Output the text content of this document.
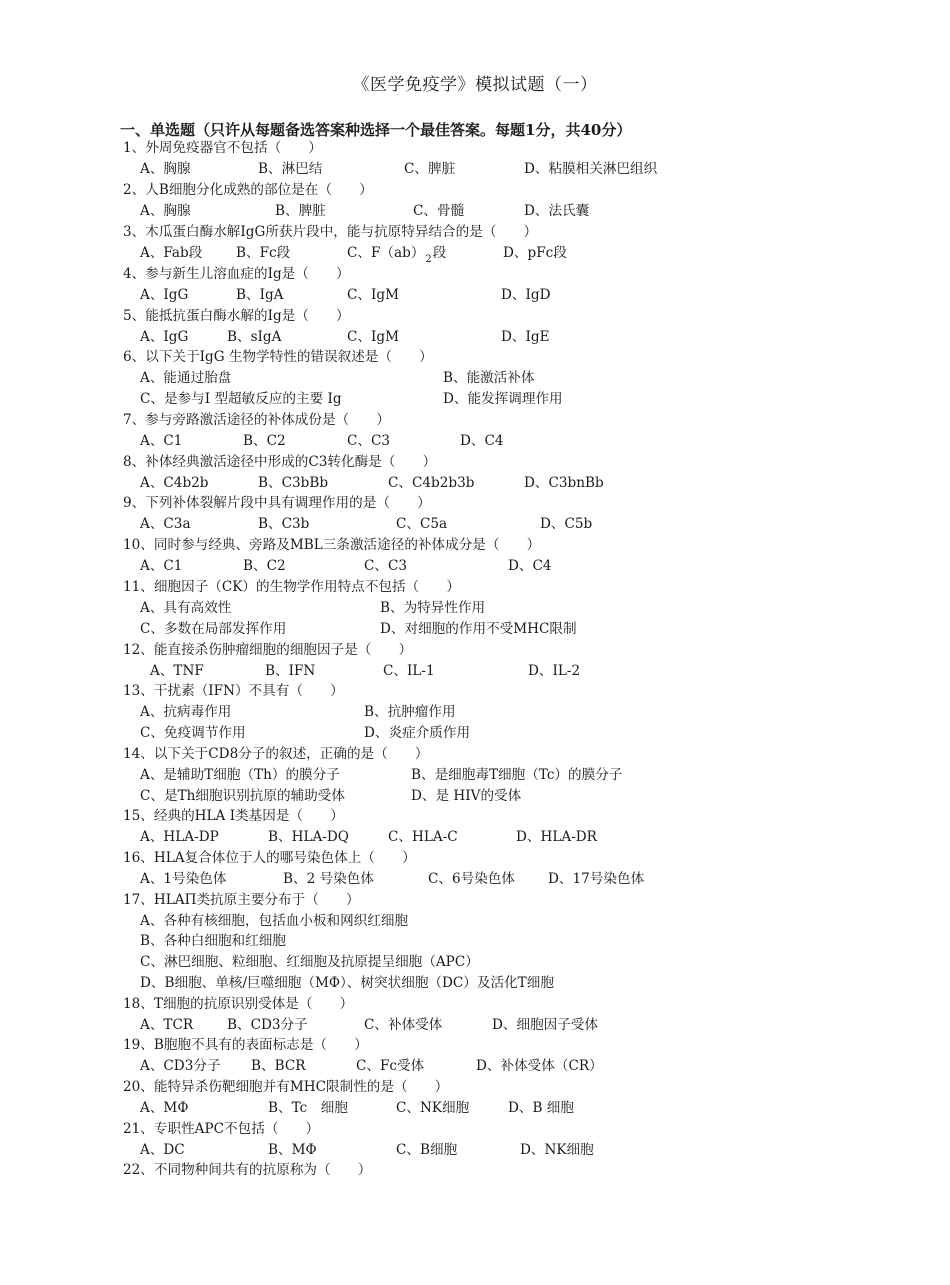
《医学免疫学》模拟试题（一）
一、单选题（只许从每题备选答案种选择一个最佳答案。每题1分，共40分）
1、外周免疫器官不包括（　　）
A、胸腺	B、淋巴结	C、脾脏	D、粘膜相关淋巴组织
2、人B细胞分化成熟的部位是在（　　）
A、胸腺	B、脾脏	C、骨髓	D、法氏囊
3、木瓜蛋白酶水解IgG所获片段中，能与抗原特异结合的是（　　）
A、Fab段 B、Fc段	C、$F(ab)_2$段	D、pFc段
4、参与新生儿溶血症的Ig是（　　）
A、IgG	B、IgA	C、IgM	D、IgD
5、能抵抗蛋白酶水解的Ig是（　　）
A、IgG	B、sIgA	C、IgM	D、IgE
6、以下关于IgG 生物学特性的错误叙述是（　　）
A、能通过胎盘	B、能激活补体
C、是参与I 型超敏反应的主要 Ig	D、能发挥调理作用
7、参与旁路激活途径的补体成份是（　　）
A、C1	B、C2	C、C3	D、C4
8、补体经典激活途径中形成的C3转化酶是（　　）
A、C4b2b	B、C3bBb	C、C4b2b3b	D、C3bnBb
9、下列补体裂解片段中具有调理作用的是（　　）
A、C3a	B、C3b	C、C5a	D、C5b
10、同时参与经典、旁路及MBL三条激活途径的补体成分是（　　）
A、C1	B、C2	C、C3	D、C4
11、细胞因子（CK）的生物学作用特点不包括（　　）
A、具有高效性	B、为特异性作用
C、多数在局部发挥作用	D、对细胞的作用不受MHC限制
12、能直接杀伤肿瘤细胞的细胞因子是（　　）
A、TNF	B、IFN	C、IL-1	D、IL-2
13、干扰素（IFN）不具有（　　）
A、抗病毒作用	B、抗肿瘤作用
C、免疫调节作用	D、炎症介质作用
14、以下关于CD8分子的叙述，正确的是（　　）
A、是辅助T细胞（Th）的膜分子	B、是细胞毒T细胞（Tc）的膜分子
C、是Th细胞识别抗原的辅助受体	D、是 HIV的受体
15、经典的HLA I类基因是（　　）
A、HLA-DP	B、HLA-DQ	C、HLA-C	D、HLA-DR
16、HLA复合体位于人的哪号染色体上（　　）
A、1号染色体	B、2 号染色体	C、6号染色体 D、17号染色体
17、HLAП类抗原主要分布于（　　）
A、各种有核细胞，包括血小板和网织红细胞
B、各种白细胞和红细胞
C、淋巴细胞、粒细胞、红细胞及抗原提呈细胞（APC）
D、B细胞、单核/巨噬细胞（MΦ）、树突状细胞（DC）及活化T细胞
18、T细胞的抗原识别受体是（　　）
A、TCR B、CD3分子	C、补体受体	D、细胞因子受体
19、B胞胞不具有的表面标志是（　　）
A、CD3分子 B、BCR	C、Fc受体	D、补体受体（CR）
20、能特异杀伤靶细胞并有MHC限制性的是（　　）
A、MΦ	B、Tc　细胞	C、NK细胞	D、B 细胞
21、专职性APC不包括（　　）
A、DC	B、MΦ	C、B细胞	D、NK细胞
22、不同物种间共有的抗原称为（　　）
